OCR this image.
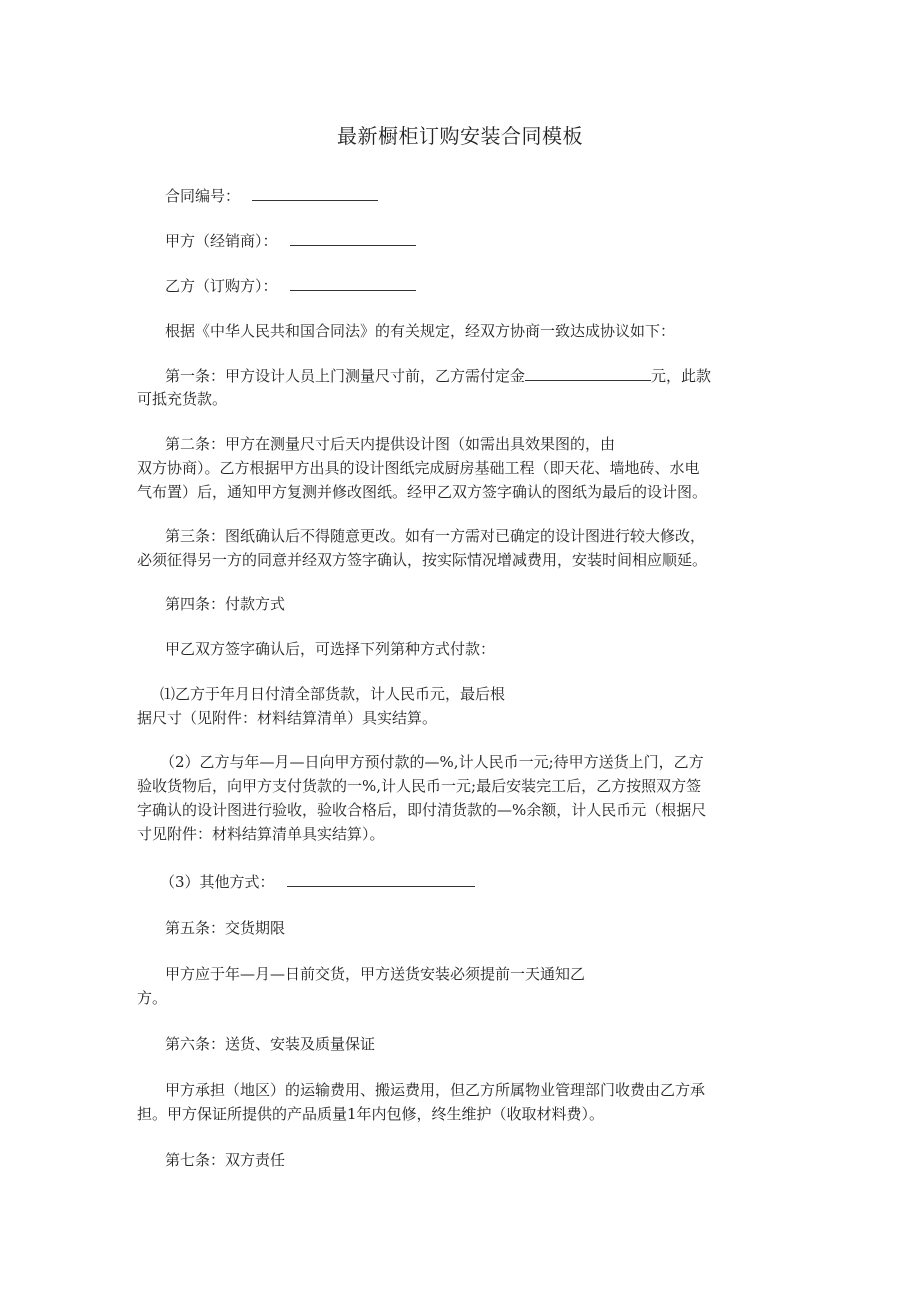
最新橱柜订购安装合同模板
合同编号：
甲方（经销商）：
乙方（订购方）：
根据《中华人民共和国合同法》的有关规定，经双方协商一致达成协议如下：
第一条：甲方设计人员上门测量尺寸前，乙方需付定金	元，此款
可抵充货款。
第二条：甲方在测量尺寸后天内提供设计图（如需出具效果图的，由
双方协商）。乙方根据甲方出具的设计图纸完成厨房基础工程（即天花、墙地砖、水电
气布置）后，通知甲方复测并修改图纸。经甲乙双方签字确认的图纸为最后的设计图。
第三条：图纸确认后不得随意更改。如有一方需对已确定的设计图进行较大修改，
必须征得另一方的同意并经双方签字确认，按实际情况增减费用，安装时间相应顺延。
第四条：付款方式
甲乙双方签字确认后，可选择下列第种方式付款：
⑴乙方于年月日付清全部货款，计人民币元，最后根
据尺寸（见附件：材料结算清单）具实结算。
（2）乙方与年—月—日向甲方预付款的—%,计人民币一元;待甲方送货上门，乙方
验收货物后，向甲方支付货款的一%,计人民币一元;最后安装完工后，乙方按照双方签
字确认的设计图进行验收，验收合格后，即付清货款的—%余额，计人民币元（根据尺
寸见附件：材料结算清单具实结算）。
（3）其他方式：
第五条：交货期限
甲方应于年—月—日前交货，甲方送货安装必须提前一天通知乙
方。
第六条：送货、安装及质量保证
甲方承担（地区）的运输费用、搬运费用，但乙方所属物业管理部门收费由乙方承
担。甲方保证所提供的产品质量1年内包修，终生维护（收取材料费）。
第七条：双方责任
